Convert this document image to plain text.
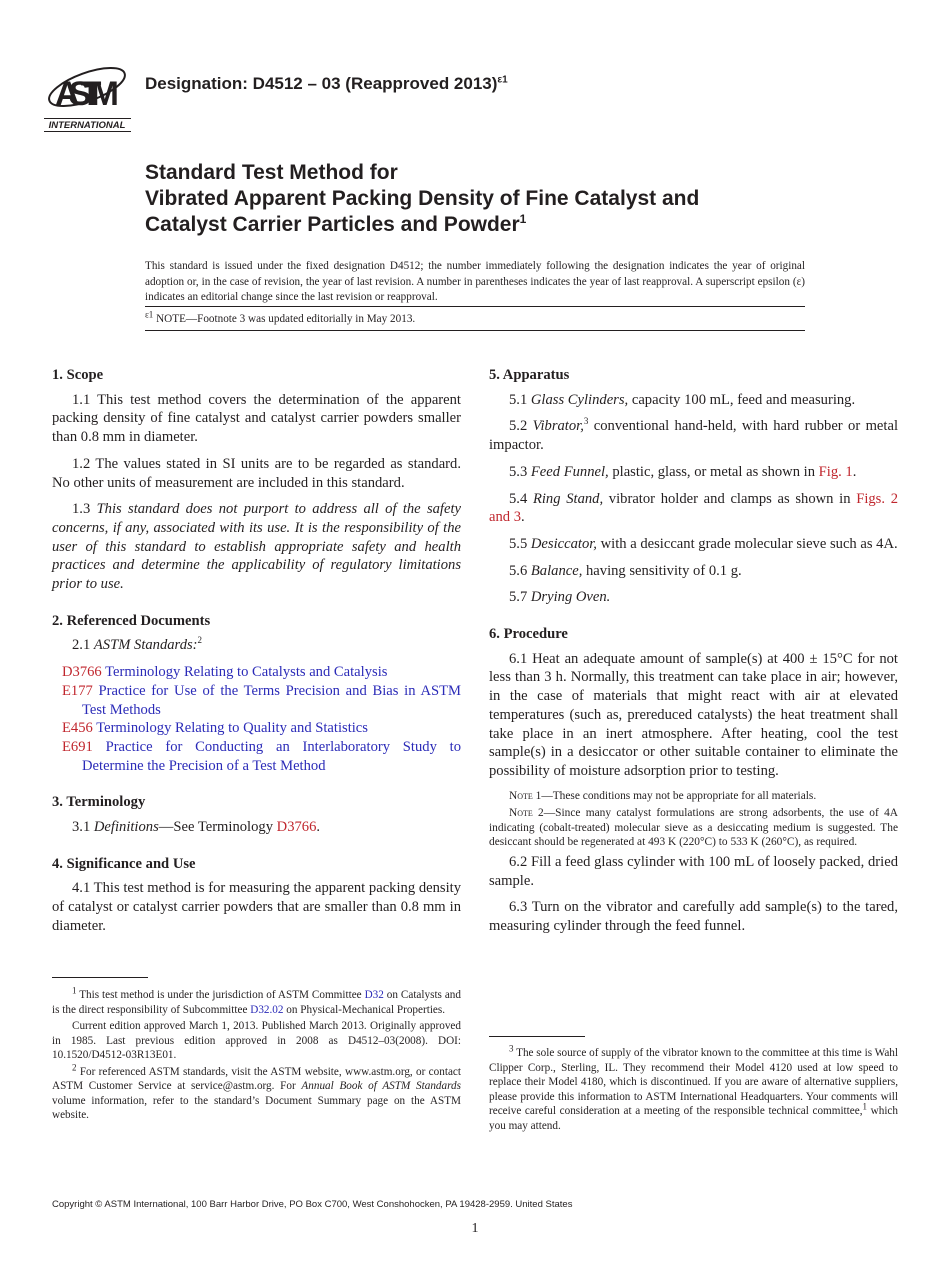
ASTM
INTERNATIONAL
Designation: D4512 – 03 (Reapproved 2013)$^{\varepsilon 1}$
Standard Test Method for
Vibrated Apparent Packing Density of Fine Catalyst and
Catalyst Carrier Particles and Powder$^1$
This standard is issued under the fixed designation D4512; the number immediately following the designation indicates the year of original adoption or, in the case of revision, the year of last revision. A number in parentheses indicates the year of last reapproval. A superscript epsilon (ε) indicates an editorial change since the last revision or reapproval.
$^{\varepsilon 1}$ NOTE—Footnote 3 was updated editorially in May 2013.
1. Scope

1.1 This test method covers the determination of the apparent packing density of fine catalyst and catalyst carrier powders smaller than 0.8 mm in diameter.

1.2 The values stated in SI units are to be regarded as standard. No other units of measurement are included in this standard.

1.3 This standard does not purport to address all of the safety concerns, if any, associated with its use. It is the responsibility of the user of this standard to establish appropriate safety and health practices and determine the applicability of regulatory limitations prior to use.

2. Referenced Documents

2.1 ASTM Standards:$^2$

D3766 Terminology Relating to Catalysts and Catalysis

E177 Practice for Use of the Terms Precision and Bias in ASTM Test Methods

E456 Terminology Relating to Quality and Statistics

E691 Practice for Conducting an Interlaboratory Study to Determine the Precision of a Test Method

3. Terminology

3.1 Definitions—See Terminology D3766.

4. Significance and Use

4.1 This test method is for measuring the apparent packing density of catalyst or catalyst carrier powders that are smaller than 0.8 mm in diameter.

5. Apparatus

5.1 Glass Cylinders, capacity 100 mL, feed and measuring.

5.2 Vibrator,$^3$ conventional hand-held, with hard rubber or metal impactor.

5.3 Feed Funnel, plastic, glass, or metal as shown in Fig. 1.

5.4 Ring Stand, vibrator holder and clamps as shown in Figs. 2 and 3.

5.5 Desiccator, with a desiccant grade molecular sieve such as 4A.

5.6 Balance, having sensitivity of 0.1 g.

5.7 Drying Oven.

6. Procedure

6.1 Heat an adequate amount of sample(s) at 400 ± 15°C for not less than 3 h. Normally, this treatment can take place in air; however, in the case of materials that might react with air at elevated temperatures (such as, prereduced catalysts) the heat treatment shall take place in an inert atmosphere. After heating, cool the test sample(s) in a desiccator or other suitable container to eliminate the possibility of moisture adsorption prior to testing.

Note 1—These conditions may not be appropriate for all materials.

Note 2—Since many catalyst formulations are strong adsorbents, the use of 4A indicating (cobalt-treated) molecular sieve as a desiccating medium is suggested. The desiccant should be regenerated at 493 K (220°C) to 533 K (260°C), as required.

6.2 Fill a feed glass cylinder with 100 mL of loosely packed, dried sample.

6.3 Turn on the vibrator and carefully add sample(s) to the tared, measuring cylinder through the feed funnel.

$^1$ This test method is under the jurisdiction of ASTM Committee D32 on Catalysts and is the direct responsibility of Subcommittee D32.02 on Physical-Mechanical Properties.

Current edition approved March 1, 2013. Published March 2013. Originally approved in 1985. Last previous edition approved in 2008 as D4512–03(2008). DOI: 10.1520/D4512-03R13E01.

$^2$ For referenced ASTM standards, visit the ASTM website, www.astm.org, or contact ASTM Customer Service at service@astm.org. For Annual Book of ASTM Standards volume information, refer to the standard’s Document Summary page on the ASTM website.

$^3$ The sole source of supply of the vibrator known to the committee at this time is Wahl Clipper Corp., Sterling, IL. They recommend their Model 4120 used at low speed to replace their Model 4180, which is discontinued. If you are aware of alternative suppliers, please provide this information to ASTM International Headquarters. Your comments will receive careful consideration at a meeting of the responsible technical committee,$^1$ which you may attend.

Copyright © ASTM International, 100 Barr Harbor Drive, PO Box C700, West Conshohocken, PA 19428-2959. United States
1
